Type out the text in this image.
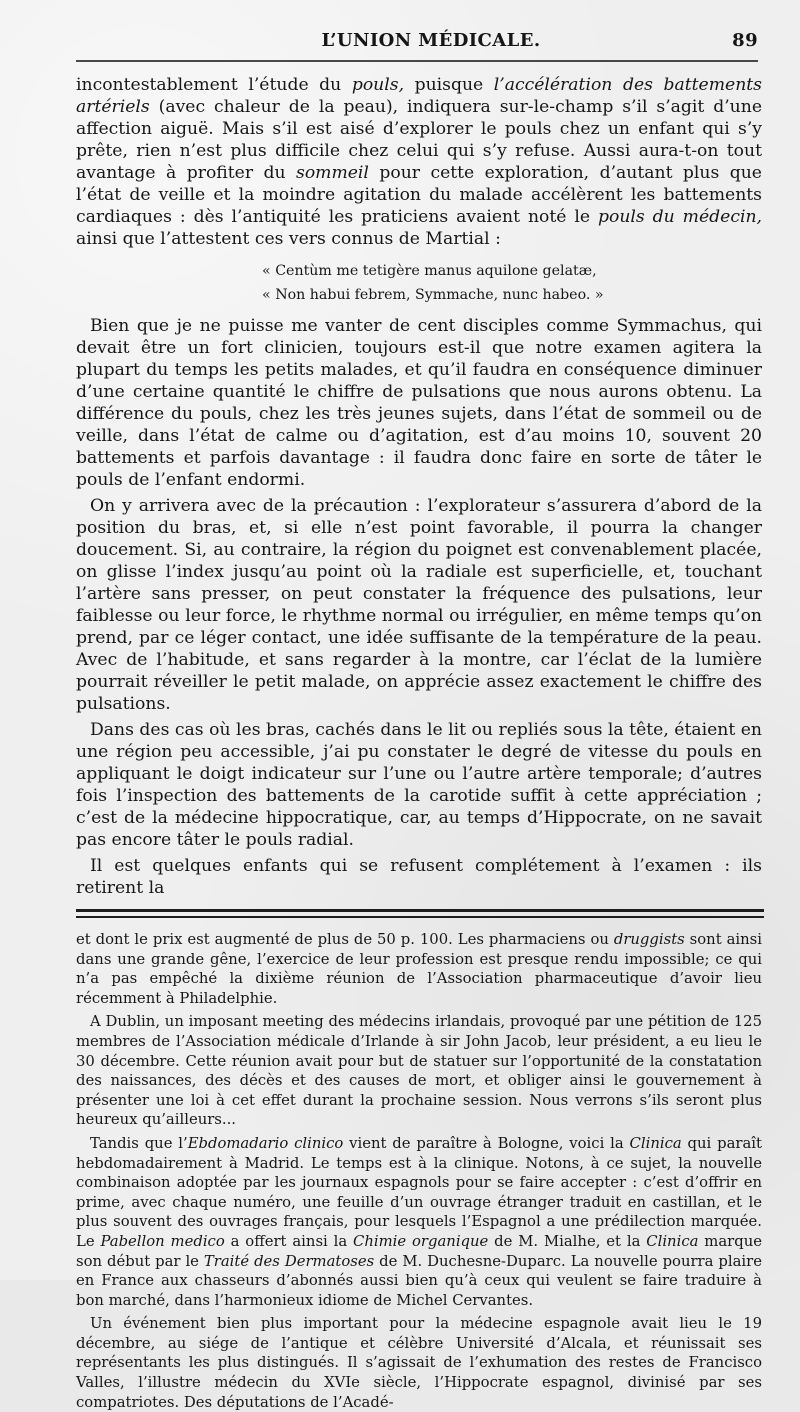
L’UNION MÉDICALE.	89

incontestablement l’étude du pouls, puisque l’accélération des battements artériels (avec chaleur de la peau), indiquera sur-le-champ s’il s’agit d’une affection aiguë. Mais s’il est aisé d’explorer le pouls chez un enfant qui s’y prête, rien n’est plus difficile chez celui qui s’y refuse. Aussi aura-t-on tout avantage à profiter du sommeil pour cette exploration, d’autant plus que l’état de veille et la moindre agitation du malade accélèrent les battements cardiaques : dès l’antiquité les praticiens avaient noté le pouls du médecin, ainsi que l’attestent ces vers connus de Martial :

« Centùm me tetigère manus aquilone gelatæ,

« Non habui febrem, Symmache, nunc habeo. »

Bien que je ne puisse me vanter de cent disciples comme Symmachus, qui devait être un fort clinicien, toujours est-il que notre examen agitera la plupart du temps les petits malades, et qu’il faudra en conséquence diminuer d’une certaine quantité le chiffre de pulsations que nous aurons obtenu. La différence du pouls, chez les très jeunes sujets, dans l’état de sommeil ou de veille, dans l’état de calme ou d’agitation, est d’au moins 10, souvent 20 battements et parfois davantage : il faudra donc faire en sorte de tâter le pouls de l’enfant endormi.

On y arrivera avec de la précaution : l’explorateur s’assurera d’abord de la position du bras, et, si elle n’est point favorable, il pourra la changer doucement. Si, au contraire, la région du poignet est convenablement placée, on glisse l’index jusqu’au point où la radiale est superficielle, et, touchant l’artère sans presser, on peut constater la fréquence des pulsations, leur faiblesse ou leur force, le rhythme normal ou irrégulier, en même temps qu’on prend, par ce léger contact, une idée suffisante de la température de la peau. Avec de l’habitude, et sans regarder à la montre, car l’éclat de la lumière pourrait réveiller le petit malade, on apprécie assez exactement le chiffre des pulsations.

Dans des cas où les bras, cachés dans le lit ou repliés sous la tête, étaient en une région peu accessible, j’ai pu constater le degré de vitesse du pouls en appliquant le doigt indicateur sur l’une ou l’autre artère temporale; d’autres fois l’inspection des battements de la carotide suffit à cette appréciation ; c’est de la médecine hippocratique, car, au temps d’Hippocrate, on ne savait pas encore tâter le pouls radial.

Il est quelques enfants qui se refusent complétement à l’examen : ils retirent la

et dont le prix est augmenté de plus de 50 p. 100. Les pharmaciens ou druggists sont ainsi dans une grande gêne, l’exercice de leur profession est presque rendu impossible; ce qui n’a pas empêché la dixième réunion de l’Association pharmaceutique d’avoir lieu récemment à Philadelphie.

A Dublin, un imposant meeting des médecins irlandais, provoqué par une pétition de 125 membres de l’Association médicale d’Irlande à sir John Jacob, leur président, a eu lieu le 30 décembre. Cette réunion avait pour but de statuer sur l’opportunité de la constatation des naissances, des décès et des causes de mort, et obliger ainsi le gouvernement à présenter une loi à cet effet durant la prochaine session. Nous verrons s’ils seront plus heureux qu’ailleurs...

Tandis que l’Ebdomadario clinico vient de paraître à Bologne, voici la Clinica qui paraît hebdomadairement à Madrid. Le temps est à la clinique. Notons, à ce sujet, la nouvelle combinaison adoptée par les journaux espagnols pour se faire accepter : c’est d’offrir en prime, avec chaque numéro, une feuille d’un ouvrage étranger traduit en castillan, et le plus souvent des ouvrages français, pour lesquels l’Espagnol a une prédilection marquée. Le Pabellon medico a offert ainsi la Chimie organique de M. Mialhe, et la Clinica marque son début par le Traité des Dermatoses de M. Duchesne-Duparc. La nouvelle pourra plaire en France aux chasseurs d’abonnés aussi bien qu’à ceux qui veulent se faire traduire à bon marché, dans l’harmonieux idiome de Michel Cervantes.

Un événement bien plus important pour la médecine espagnole avait lieu le 19 décembre, au siége de l’antique et célèbre Université d’Alcala, et réunissait ses représentants les plus distingués. Il s’agissait de l’exhumation des restes de Francisco Valles, l’illustre médecin du XVIe siècle, l’Hippocrate espagnol, divinisé par ses compatriotes. Des députations de l’Acadé-
